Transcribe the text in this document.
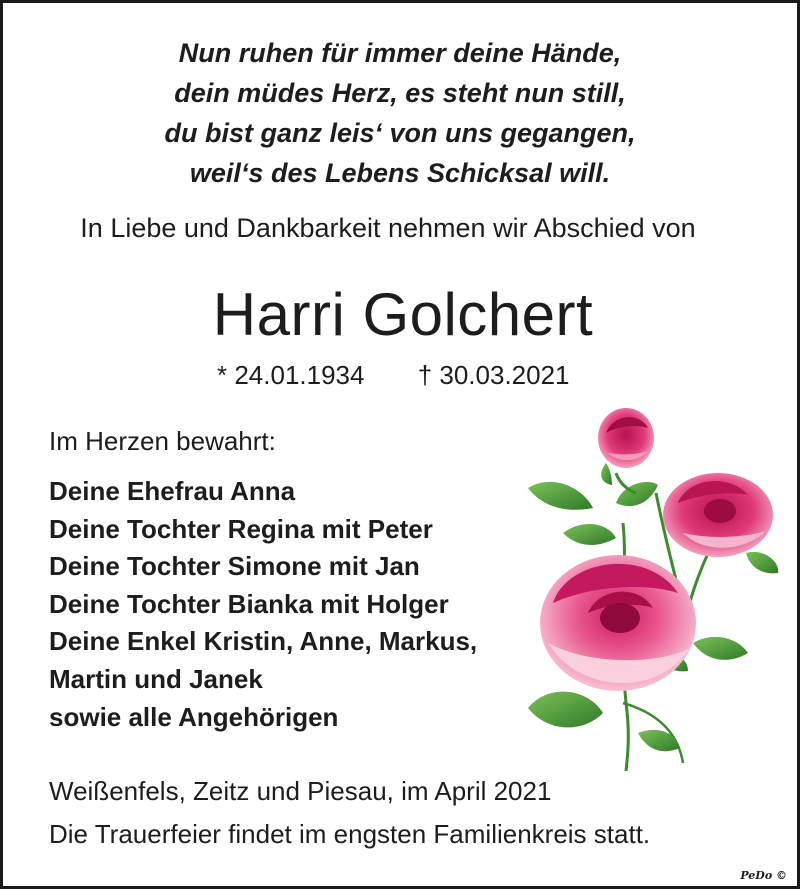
Nun ruhen für immer deine Hände,
dein müdes Herz, es steht nun still,
du bist ganz leis‘ von uns gegangen,
weil‘s des Lebens Schicksal will.
In Liebe und Dankbarkeit nehmen wir Abschied von
Harri Golchert
* 24.01.1934 † 30.03.2021
Im Herzen bewahrt:
Deine Ehefrau Anna
Deine Tochter Regina mit Peter
Deine Tochter Simone mit Jan
Deine Tochter Bianka mit Holger
Deine Enkel Kristin, Anne, Markus,
Martin und Janek
sowie alle Angehörigen
Weißenfels, Zeitz und Piesau, im April 2021
Die Trauerfeier findet im engsten Familienkreis statt.
PeDo ©
